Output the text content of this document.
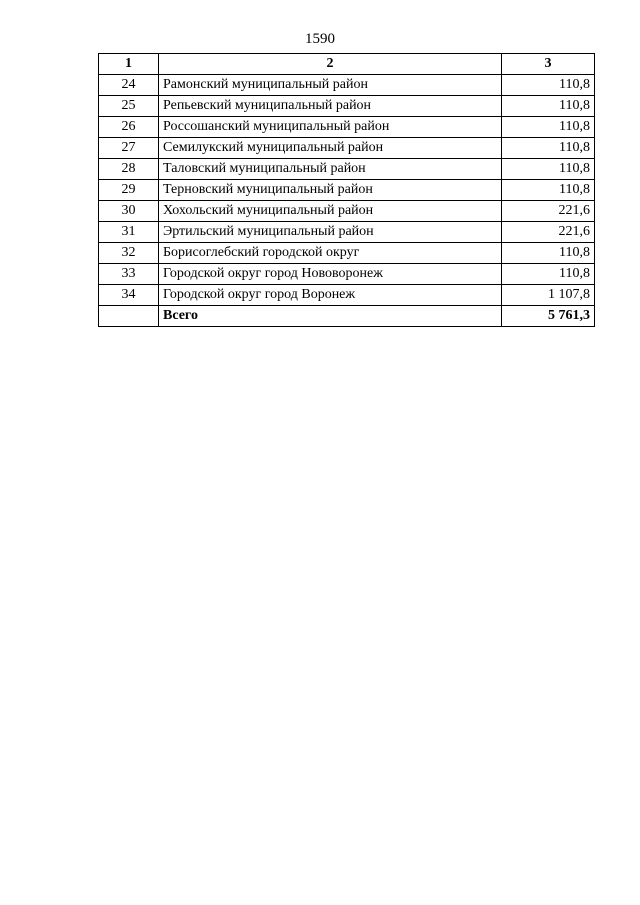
1590
1	2	3
24	Рамонский муниципальный район	110,8
25	Репьевский муниципальный район	110,8
26	Россошанский муниципальный район	110,8
27	Семилукский муниципальный район	110,8
28	Таловский муниципальный район	110,8
29	Терновский муниципальный район	110,8
30	Хохольский муниципальный район	221,6
31	Эртильский муниципальный район	221,6
32	Борисоглебский городской округ	110,8
33	Городской округ город Нововоронеж	110,8
34	Городской округ город Воронеж	1 107,8
	Всего	5 761,3
